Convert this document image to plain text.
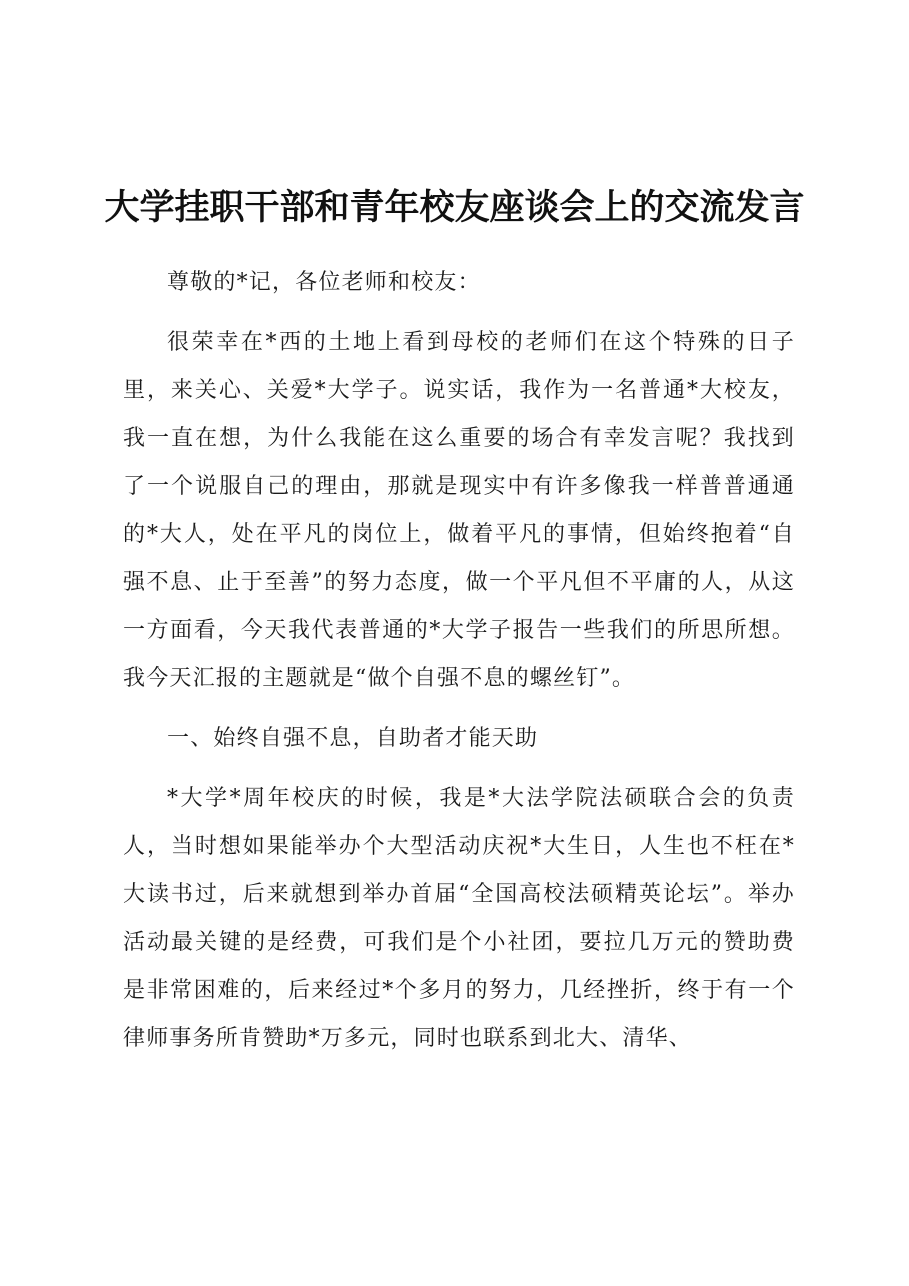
大学挂职干部和青年校友座谈会上的交流发言

尊敬的*记，各位老师和校友：

很荣幸在*西的土地上看到母校的老师们在这个特殊的日子里，来关心、关爱*大学子。说实话，我作为一名普通*大校友，我一直在想，为什么我能在这么重要的场合有幸发言呢？我找到了一个说服自己的理由，那就是现实中有许多像我一样普普通通的*大人，处在平凡的岗位上，做着平凡的事情，但始终抱着“自强不息、止于至善”的努力态度，做一个平凡但不平庸的人，从这一方面看，今天我代表普通的*大学子报告一些我们的所思所想。我今天汇报的主题就是“做个自强不息的螺丝钉”。

一、始终自强不息，自助者才能天助

*大学*周年校庆的时候，我是*大法学院法硕联合会的负责人，当时想如果能举办个大型活动庆祝*大生日，人生也不枉在*大读书过，后来就想到举办首届“全国高校法硕精英论坛”。举办活动最关键的是经费，可我们是个小社团，要拉几万元的赞助费是非常困难的，后来经过*个多月的努力，几经挫折，终于有一个律师事务所肯赞助*万多元，同时也联系到北大、清华、
